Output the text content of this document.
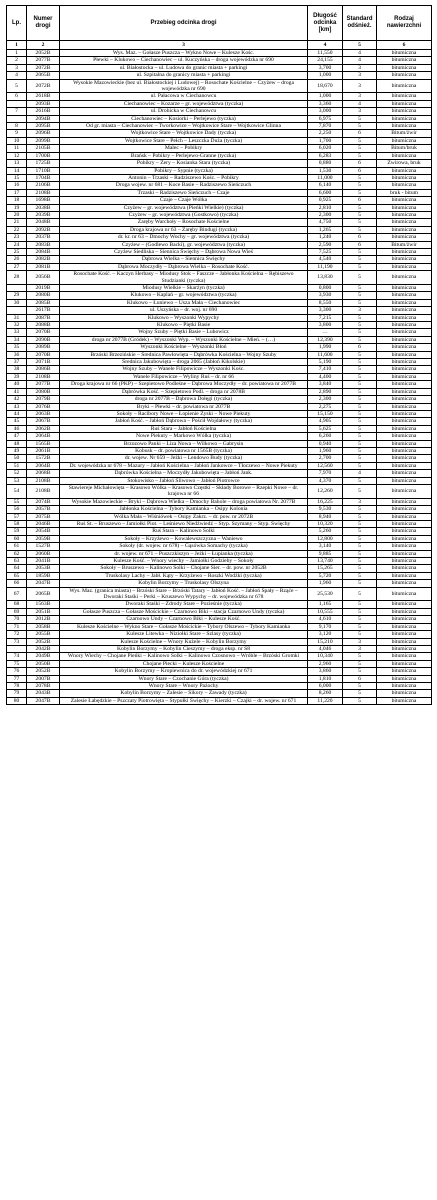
Lp.	Numer drogi	Przebieg odcinka drogi	Długość odcinka [km]	Standard odśnież.	Rodzaj nawierzchni
1	2	3	4	5	6
1	2052B	Wys. Maz. – Gołasze Puszcza – Wykno Nowe – Kulesze Kośc.	11,550	4	bitumiczna
2	2077B	Płewki – Klukowo – Ciechanowiec – ul. Kuczyńska – droga wojewódzka nr 690	24,155	4	bitumiczna
3	2072B	ul. Białostocka – ul. Ludowa do granic miasta + parkingi	3,700	3	bitumiczna
4	2065B	ul. Szpitalna do granicy miasta + parkingi	1,000	3	bitumiczna
5	2072B	Wysokie Mazowieckie (bez ul. Białostockiej i Ludowej) – Rosochate Kościelne – Czyżew – droga wojewódzka nr 690	18,670	3	bitumiczna
6	2618B	ul. Pałacowa w Ciechanowcu	1,000	3	bitumiczna
	2093B	Ciechanowiec – Kozarze – gr. województwa (tyczka)	3,360	4	bitumiczna
7	2616B	ul. Drohicka w Ciechanowcu	3,000	3	bitumiczna
	2094B	Ciechanowiec – Kosiorki – Perlejewo (tyczka)	6,975	5	bitumiczna
8	2095B	Od gr. miasta – Ciechanowiec – Tworkowice – Wojtkowice Stare – Wojtkowice Glinna	7,870	5	bitumiczna
9	2096B	Wojtkowice Stare – Wojtkowice Dady (tyczka)	2,250	6	Bitum/żwir
10	2099B	Wojtkowice Stare – Pełch – Leszczka Duża (tyczka)	1,700	5	bitumiczna
11	2105B	Malec – Pobikry	6,020	5	Bitum/bruk
12	1700B	Brańsk – Pobikry – Perlejewo-Granne (tyczka)	6,283	5	bitumiczna
13	1725B	Pobikry – Żery – Kosianka Stara (tyczka)	0,880	6	Żwirowa, bruk
14	1710B	Pobikry – Sypnie (tyczka)	1,530	6	bitumiczna
15	1704B	Antonin – Trzaski – Radziszewo Kośc. – Pobikry	11,000	5	bitumiczna
16	2106B	Droga wojew. nr 681 – Koce Basie – Radziszewo Sieńczuch	6,140	5	bitumiczna
17	2108B	Trzaski – Radziszewo Sieńczuch – Czaje	6,600	5	bruk - bitum
18	1698B	Czaje – Czaje Wólka	0,925	6	bitumiczna
19	2038B	Czyżew – gr. województwa (Pieńki Wielkie) (tyczka)	2,810	5	bitumiczna
20	2039B	Czyżew – gr. województwa (Gostkowo) (tyczka)	2,300	5	bitumiczna
21	2048B	Zaręby Warchoły – Rosochate Kościelne	4,750	5	bitumiczna
22	2092B	Droga krajowa nr 63 – Zaręby Bindugi (tyczka)	1,265	5	bitumiczna
23	2037B	dr. kr. nr 63 – Dmochy Wochy – gr. województwa (tyczka)	1,240	6	bitumiczna
24	2083B	Czyżew – (Godlewo Backi), gr. województwa (tyczka)	2,590	6	Bitum/żwir
25	2084B	Czyżew Siedliska – Siennica Święchy – Dąbrowa Nowa Wieś	7,525	5	bitumiczna
26	2082B	Dąbrowa Wielka – Siennica Święchy	4,540	5	bitumiczna
27	2081B	Dąbrowa Moczydły – Dąbrowa Wielka – Rosochate Kość.	11,190	5	bitumiczna
28	2056B	Rosochate Kość. – Kaczyn Herbasy – Miodusy Stok – Faszcze – Jabłonka Kościelna – Rębiszewo Studzianki (tyczka)	13,830	5	bitumiczna
	2019B	Miodusy Wielkie – Skarżyn (tyczka)	0,800	5	bitumiczna
29	2080B	Klukowo – Kaplań – gr. województwa (tyczka)	3,930	5	bitumiczna
30	2085B	Klukowo – Łuniewo – Usza Mała – Ciechanowiec	8,550	5	bitumiczna
	2617B	ul. Uszyńska – dr. woj. nr 690	3,300	3	bitumiczna
31	2087B	Klukowo – Wyszonki Wypychy	7,215	5	bitumiczna
32	2088B	Klukowo – Piętki Basie	3,800	5	bitumiczna
33	2070B	Wojny Szuby – Piętki Basie – Lubowicz	…	5	bitumiczna
34	2090B	droga nr 2077B (Gródek) – Wyszonki Wyp. – Wyszonki Kościelne – Mień. – (…)	12,390	5	bitumiczna
35	2089B	Wyszonki Kościelne – Wyszonki Błoń	1,990	6	bitumiczna
36	2070B	Brzóski Brzezińskie – Średnica Pawłowięta – Dąbrówka Kościelna – Wojny Szuby	11,600	5	bitumiczna
37	2071B	Średnica Jakubowięta – droga 2065 (Jabłoń Kikolskie)	5,190	5	bitumiczna
38	2086B	Wojny Szuby – Wanele Filipowicze – Wyszonki Kośc.	7,410	5	bitumiczna
39	2108B	Wanele Filipowicze – Wyliny Ruś – dr. nr 66	4,400	5	bitumiczna
40	2077B	Droga krajowa nr 66 (PKP) – Szepietowo Podleśne – Dąbrowa Moczydły – dr. powiatowa nr 2077B	3,840	5	bitumiczna
41	2080B	Dąbrówka Kość. – Szepietowo Podl. – droga nr 2078B	2,890	5	bitumiczna
42	2079B	droga nr 2077B – Dąbrowa Dołęgi (tyczka)	2,300	5	bitumiczna
43	2076B	Bryki – Płewki – dr. powiatowa nr 2077B	2,275	5	bitumiczna
44	2063B	Sokoły – Racibory Nowe – Łopienie Zyski – Nowe Piekuty	15,150	5	bitumiczna
45	2067B	Jabłoń Kość. – Jabłoń Dąbrowa – Pościł Wojdałowy (tyczka)	4,905	5	bitumiczna
46	2062B	Ruś Stara – Jabłoń Kościelna	5,625	5	bitumiczna
47	2064B	Nowe Piekuty – Markowo Wólka (tyczka)	6,260	5	bitumiczna
48	1565B	Brzozowo Panki – Liza Nowa – Wilkowo – Gabrysin	0,940	5	bitumiczna
49	2061B	Kobusk – dr. powiatowa nr 1565B (tyczka)	1,960	5	bitumiczna
50	1572B	dr. wojew. Nr 659 – Jeżki – Lendowo Budy (tyczka)	2,700	5	bitumiczna
51	2064B	Dr. wojewódzka nr 678 – Mazury – Jabłoń Kościelna – Jabłoń Jankowce – Tłoczewo – Nowe Piekuty	12,560	5	bitumiczna
52	2068B	Dąbrówka Kościelna – Moczydły Jakubowięta – Jabłoń Jank.	7,970	4	bitumiczna
53	2108B	Stokowisko – Jabłoń Śliwowo – Jabłoń Piotrowce	4,370	5	bitumiczna
54	2108B	Stawiereje Michałowięta – Krasowo Wólka – Krasowo Częstki – Składy Borowe – Rzepki Nowe – dr. krajowa nr 66	12,260	5	bitumiczna
55	2074B	Wysokie Mazowieckie – Bryki – Dąbrowa Wielka – Dmochy Bahole – droga powiatowa Nr. 2077B	16,225	3	bitumiczna
56	2057B	Jabłonka Kościelna – Tybory Kamianka – Osipy Kolonia	9,530	5	bitumiczna
57	2075B	Wólka Mała – Wiśniówek – Osipy Zakrz. – dr. pow. nr 2072B	8,940	5	bitumiczna
58	2046B	Ruś St. – Bruszewo – Jamiołki Piot. – Leśniewo Niedźwiedź – Styp. Szymany – Styp. Święchy	10,320	5	bitumiczna
59	2054B	Ruś Stara – Kalinowo Solki	5,260	5	bitumiczna
60	2059B	Sokoły – Krzyżewo – Kowalewszczyzna – Waniewo	12,800	5	bitumiczna
61	1527B	Sokoły (dr. wojew. nr 678) – Gąsówka Somachy (tyczka)	3,140	5	bitumiczna
62	2060B	dr. wojew. nr 671 – Puszczkiszyn – Jeżki – Łupianka (tyczka)	9,885	5	bitumiczna
63	2041B	Kulesze Kość. – Wnory wiechy – Jamiołki Godzieby – Sokoły	13,740	5	bitumiczna
64	2053B	Sokoły – Bruszewo – Kalinowo Solki – Chojane Sier. – dr. pow. nr 2052B	15,265	5	bitumiczna
65	1859B	Truskolasy Lachy – Jabł. Kąty – Krzyżewo – Roszki Wodźki (tyczka)	5,720	5	bitumiczna
66	2047B	Kobylin Borzymy – Truskolasy Olszyna	1,960	5	bitumiczna
67	2065B	Wys. Maz. (granica miasta) – Brzóski Stare – Brzóski Tatary – Jabłoń Kość. – Jabłoń Spały – Rząće – Dworaki Staśki – Perki – Kruszewo Wypychy – dr. wojewódzka nr 678	25,530	5	bitumiczna
68	1563B	Dworaki Staśki – Zdrody Stare – Pozieśnie (tyczka)	1,165	5	bitumiczna
69	2051B	Gołasze Puszcza – Gołasze Mościckie – Czarnowo Biki – stacja Czarnowo Undy (tyczka)	10,555	5	bitumiczna
70	2012B	Czarnowo Undy – Czarnowo Biki – Kulesze Kość.	4,610	5	bitumiczna
71	2058B	Kulesze Kościelne – Wykno Stare – Gołasze Mościckie – Tybory Olszewo – Tybory Kamianka	9,170	5	bitumiczna
72	2055B	Kulesze Litewka – Niziołki Stare – Szlasy (tyczka)	3,120	5	bitumiczna
73	2052B	Kulesze Kościelne – Wnory Kużele – Kobylin Borzymy	15,210	3	bitumiczna
	2042B	Kobylin Borzymy – Kobylin Cieszymy – droga eksp. nr S8	4,046	3	bitumiczna
74	2049B	Wnory Wiechy – Chojane Pieńki – Kalinowo Solki – Kalinowo Czosnowo – Wróble – Brzóski Gromki	10,340	5	bitumiczna
75	2050B	Chojane Piecki – Kulesze Kościelne	2,960	5	bitumiczna
76	2052B	Kobylin Borzymy – Kropiewnica do dr. wojewódzkiej nr 671	3,860	5	bitumiczna
77	2007B	Wnory Stare – Czochanie Góra (tyczka)	1,810	6	bitumiczna
78	2078B	Wnory Stare – Wnory Pażochy	6,000	5	bitumiczna
79	2043B	Kobylin Borzymy – Zalesie – Sikory – Zawady (tyczka)	8,260	5	bitumiczna
80	2047B	Zalesie Łabędzkie – Pszczaty Piotrowięta – Stypułki Święchy – Kierzki – Czajki – dr. wojew. nr 671	11,220	5	bitumiczna
